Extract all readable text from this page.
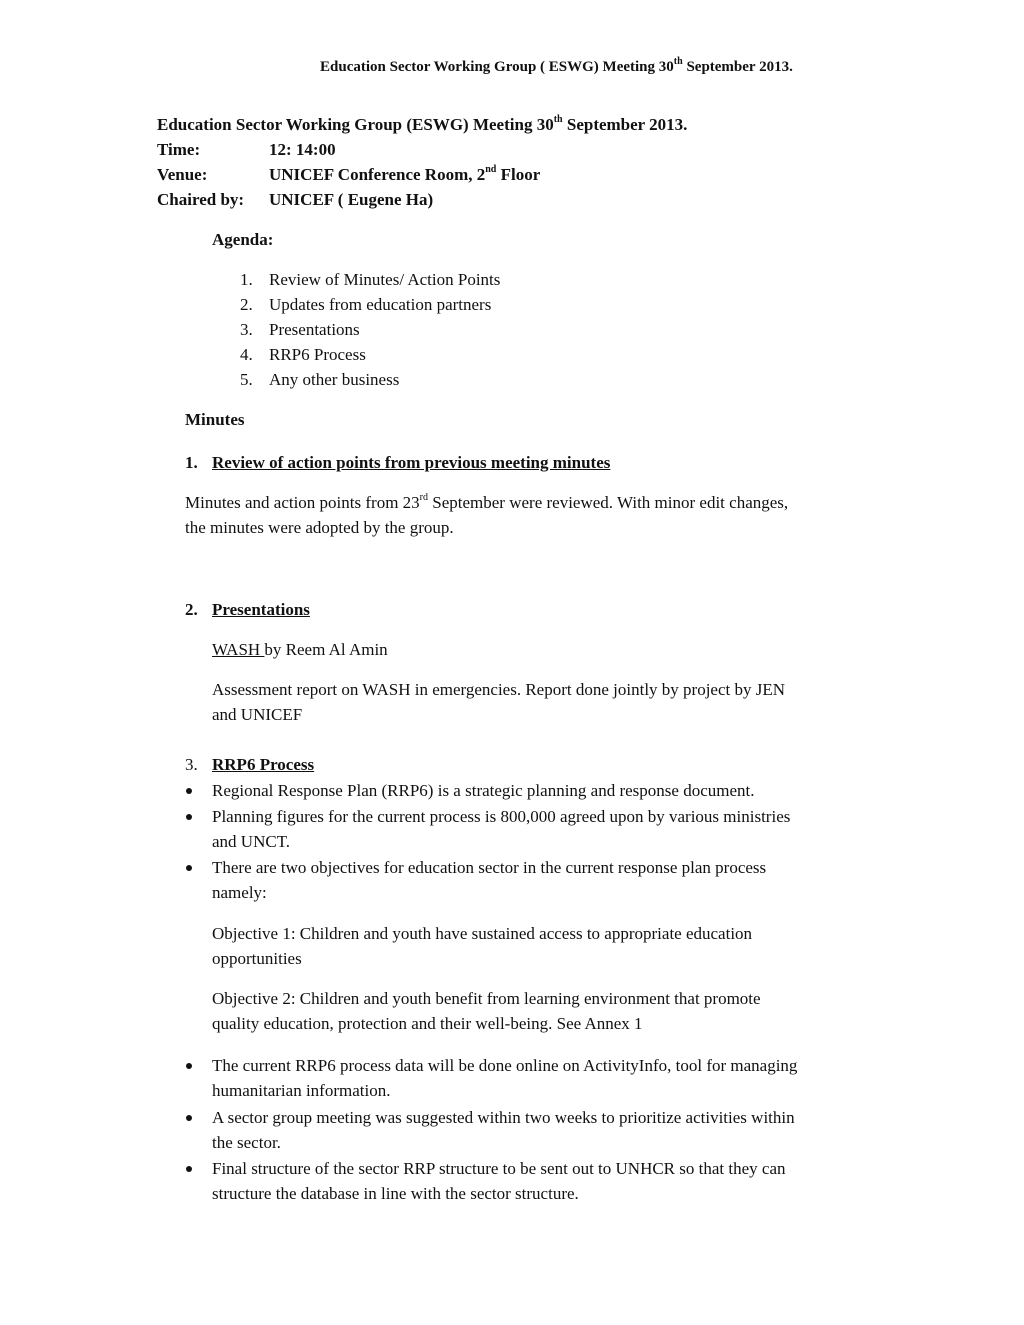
Education Sector Working Group ( ESWG) Meeting 30th September 2013.
Education Sector Working Group (ESWG) Meeting 30th September 2013.
Time:	12: 14:00
Venue:	UNICEF Conference Room, 2nd Floor
Chaired by: UNICEF ( Eugene Ha)
Agenda:
1. Review of Minutes/ Action Points
2. Updates from education partners
3. Presentations
4. RRP6 Process
5. Any other business
Minutes
1. Review of action points from previous meeting minutes
Minutes and action points from 23rd September were reviewed. With minor edit changes,
the minutes were adopted by the group.
2. Presentations
WASH by Reem Al Amin
Assessment report on WASH in emergencies. Report done jointly by project by JEN
and UNICEF
3. RRP6 Process
Regional Response Plan (RRP6) is a strategic planning and response document.
Planning figures for the current process is 800,000 agreed upon by various ministries
and UNCT.
There are two objectives for education sector in the current response plan process
namely:
Objective 1: Children and youth have sustained access to appropriate education
opportunities
Objective 2: Children and youth benefit from learning environment that promote
quality education, protection and their well-being. See Annex 1
The current RRP6 process data will be done online on ActivityInfo, tool for managing
humanitarian information.
A sector group meeting was suggested within two weeks to prioritize activities within
the sector.
Final structure of the sector RRP structure to be sent out to UNHCR so that they can
structure the database in line with the sector structure.
